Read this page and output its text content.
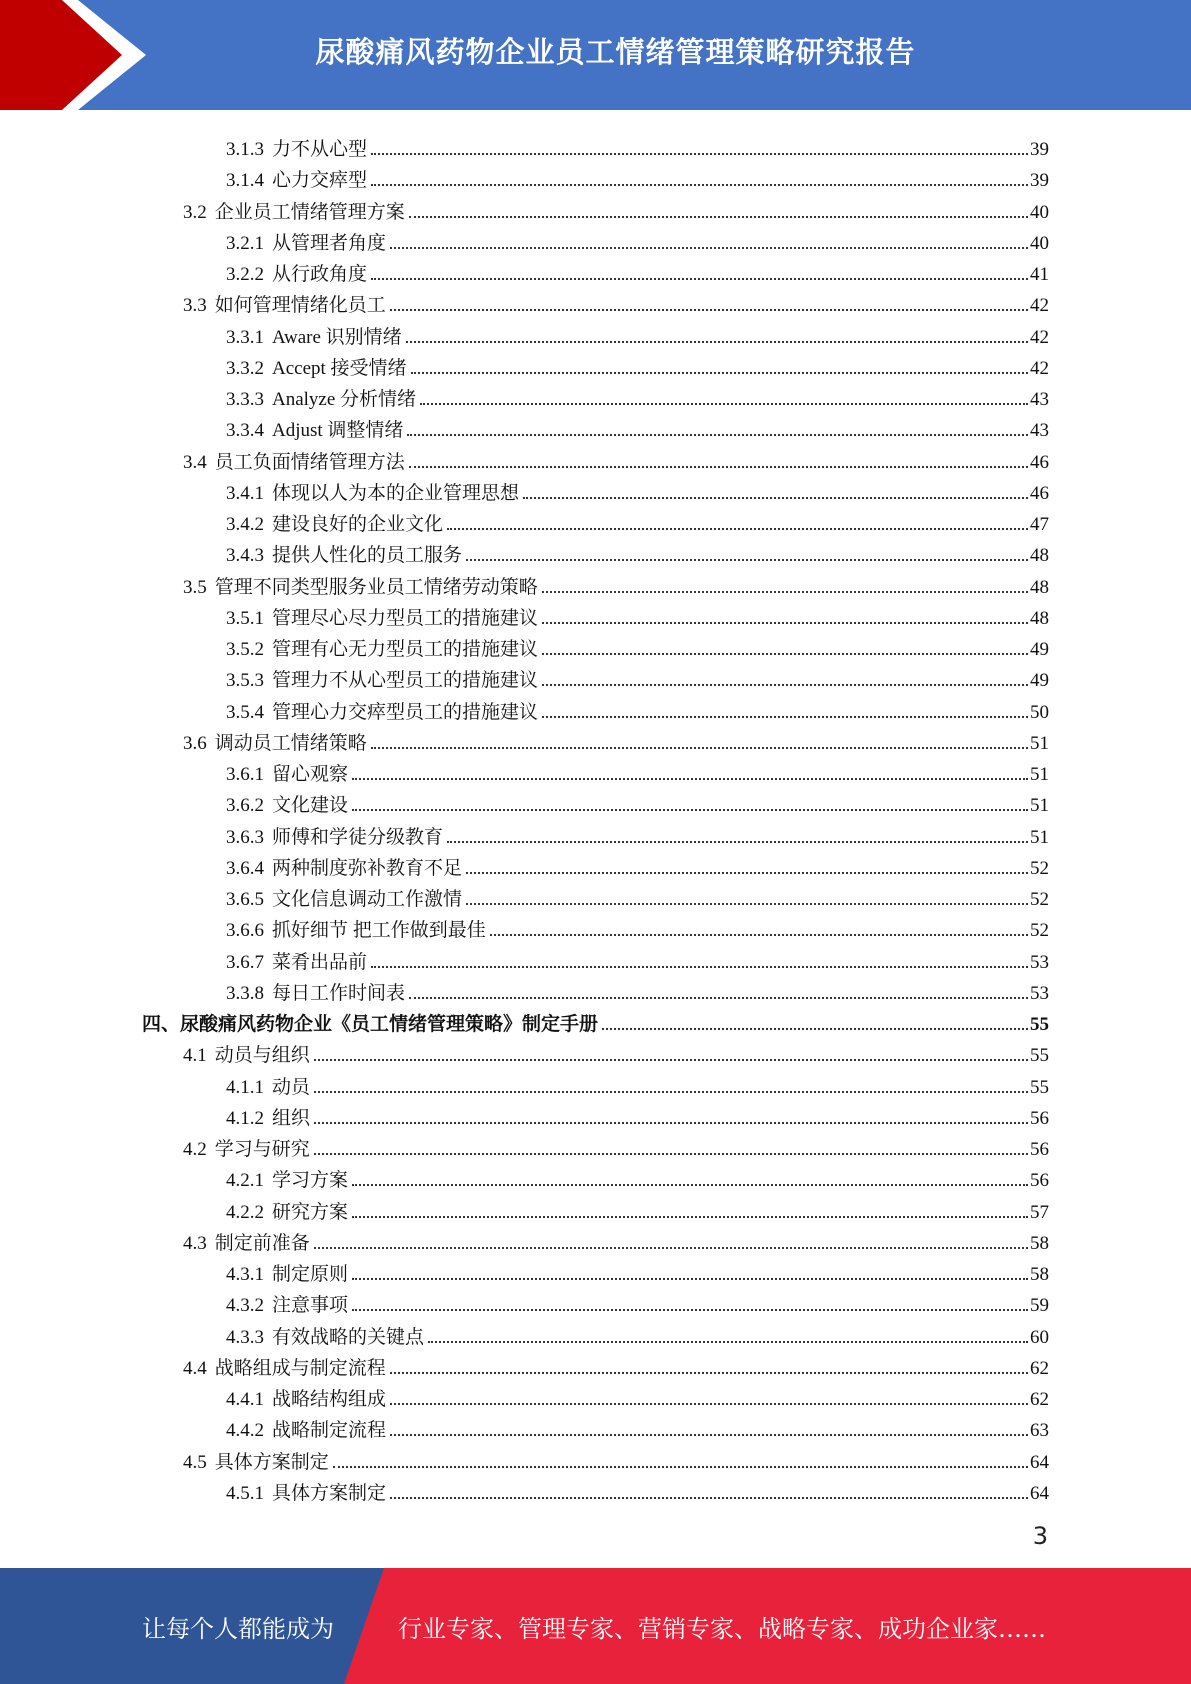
尿酸痛风药物企业员工情绪管理策略研究报告
3.1.3 力不从心型	39
3.1.4 心力交瘁型	39
3.2 企业员工情绪管理方案	40
3.2.1 从管理者角度	40
3.2.2 从行政角度	41
3.3 如何管理情绪化员工	42
3.3.1 Aware 识别情绪	42
3.3.2 Accept 接受情绪	42
3.3.3 Analyze 分析情绪	43
3.3.4 Adjust 调整情绪	43
3.4 员工负面情绪管理方法	46
3.4.1 体现以人为本的企业管理思想	46
3.4.2 建设良好的企业文化	47
3.4.3 提供人性化的员工服务	48
3.5 管理不同类型服务业员工情绪劳动策略	48
3.5.1 管理尽心尽力型员工的措施建议	48
3.5.2 管理有心无力型员工的措施建议	49
3.5.3 管理力不从心型员工的措施建议	49
3.5.4 管理心力交瘁型员工的措施建议	50
3.6 调动员工情绪策略	51
3.6.1 留心观察	51
3.6.2 文化建设	51
3.6.3 师傅和学徒分级教育	51
3.6.4 两种制度弥补教育不足	52
3.6.5 文化信息调动工作激情	52
3.6.6 抓好细节 把工作做到最佳	52
3.6.7 菜肴出品前	53
3.3.8 每日工作时间表	53
四、 尿酸痛风药物企业《员工情绪管理策略》制定手册	55
4.1 动员与组织	55
4.1.1 动员	55
4.1.2 组织	56
4.2 学习与研究	56
4.2.1 学习方案	56
4.2.2 研究方案	57
4.3 制定前准备	58
4.3.1 制定原则	58
4.3.2 注意事项	59
4.3.3 有效战略的关键点	60
4.4 战略组成与制定流程	62
4.4.1 战略结构组成	62
4.4.2 战略制定流程	63
4.5 具体方案制定	64
4.5.1 具体方案制定	64
3
让每个人都能成为	行业专家、管理专家、营销专家、战略专家、成功企业家……
